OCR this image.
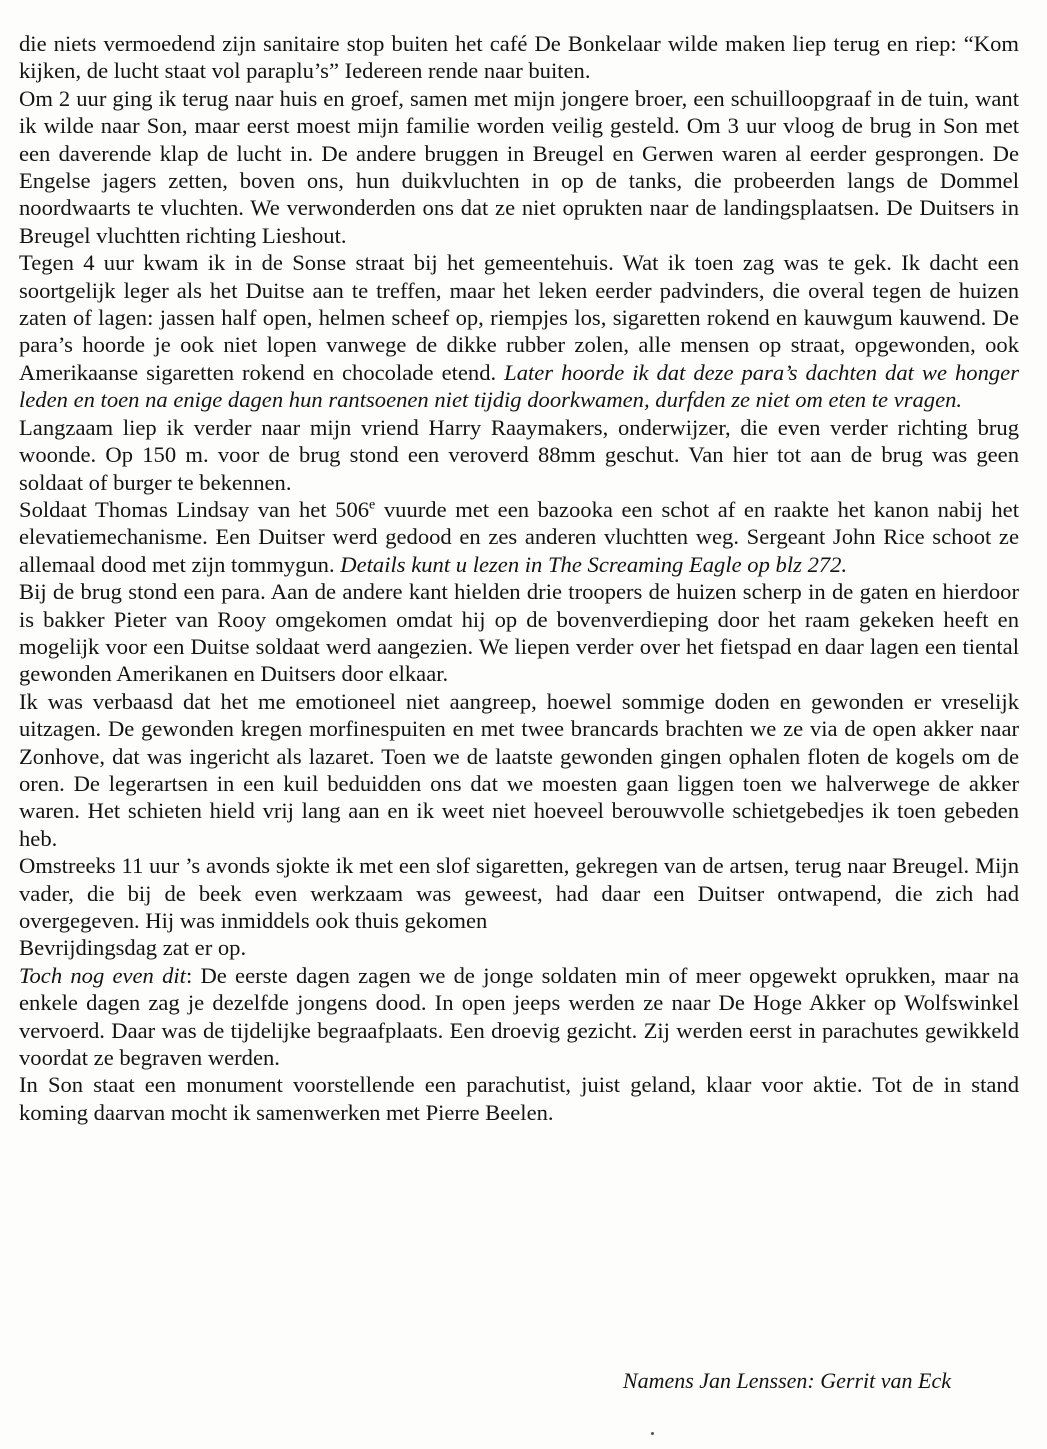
die niets vermoedend zijn sanitaire stop buiten het café De Bonkelaar wilde maken liep terug en riep: “Kom kijken, de lucht staat vol paraplu’s” Iedereen rende naar buiten.

Om 2 uur ging ik terug naar huis en groef, samen met mijn jongere broer, een schuilloopgraaf in de tuin, want ik wilde naar Son, maar eerst moest mijn familie worden veilig gesteld. Om 3 uur vloog de brug in Son met een daverende klap de lucht in. De andere bruggen in Breugel en Gerwen waren al eerder gesprongen. De Engelse jagers zetten, boven ons, hun duikvluchten in op de tanks, die probeerden langs de Dommel noordwaarts te vluchten. We verwonderden ons dat ze niet oprukten naar de landingsplaatsen. De Duitsers in Breugel vluchtten richting Lieshout.

Tegen 4 uur kwam ik in de Sonse straat bij het gemeentehuis. Wat ik toen zag was te gek. Ik dacht een soortgelijk leger als het Duitse aan te treffen, maar het leken eerder padvinders, die overal tegen de huizen zaten of lagen: jassen half open, helmen scheef op, riempjes los, sigaretten rokend en kauwgum kauwend. De para’s hoorde je ook niet lopen vanwege de dikke rubber zolen, alle mensen op straat, opgewonden, ook Amerikaanse sigaretten rokend en chocolade etend. Later hoorde ik dat deze para’s dachten dat we honger leden en toen na enige dagen hun rantsoenen niet tijdig doorkwamen, durfden ze niet om eten te vragen.

Langzaam liep ik verder naar mijn vriend Harry Raaymakers, onderwijzer, die even verder richting brug woonde. Op 150 m. voor de brug stond een veroverd 88mm geschut. Van hier tot aan de brug was geen soldaat of burger te bekennen.

Soldaat Thomas Lindsay van het 506e vuurde met een bazooka een schot af en raakte het kanon nabij het elevatiemechanisme. Een Duitser werd gedood en zes anderen vluchtten weg. Sergeant John Rice schoot ze allemaal dood met zijn tommygun. Details kunt u lezen in The Screaming Eagle op blz 272.

Bij de brug stond een para. Aan de andere kant hielden drie troopers de huizen scherp in de gaten en hierdoor is bakker Pieter van Rooy omgekomen omdat hij op de bovenverdieping door het raam gekeken heeft en mogelijk voor een Duitse soldaat werd aangezien. We liepen verder over het fietspad en daar lagen een tiental gewonden Amerikanen en Duitsers door elkaar.

Ik was verbaasd dat het me emotioneel niet aangreep, hoewel sommige doden en gewonden er vreselijk uitzagen. De gewonden kregen morfinespuiten en met twee brancards brachten we ze via de open akker naar Zonhove, dat was ingericht als lazaret. Toen we de laatste gewonden gingen ophalen floten de kogels om de oren. De legerartsen in een kuil beduidden ons dat we moesten gaan liggen toen we halverwege de akker waren. Het schieten hield vrij lang aan en ik weet niet hoeveel berouwvolle schietgebedjes ik toen gebeden heb.

Omstreeks 11 uur ’s avonds sjokte ik met een slof sigaretten, gekregen van de artsen, terug naar Breugel. Mijn vader, die bij de beek even werkzaam was geweest, had daar een Duitser ontwapend, die zich had overgegeven. Hij was inmiddels ook thuis gekomen

Bevrijdingsdag zat er op.

Toch nog even dit: De eerste dagen zagen we de jonge soldaten min of meer opgewekt oprukken, maar na enkele dagen zag je dezelfde jongens dood. In open jeeps werden ze naar De Hoge Akker op Wolfswinkel vervoerd. Daar was de tijdelijke begraafplaats. Een droevig gezicht. Zij werden eerst in parachutes gewikkeld voordat ze begraven werden.

In Son staat een monument voorstellende een parachutist, juist geland, klaar voor aktie. Tot de in stand koming daarvan mocht ik samenwerken met Pierre Beelen.

Namens Jan Lenssen: Gerrit van Eck
